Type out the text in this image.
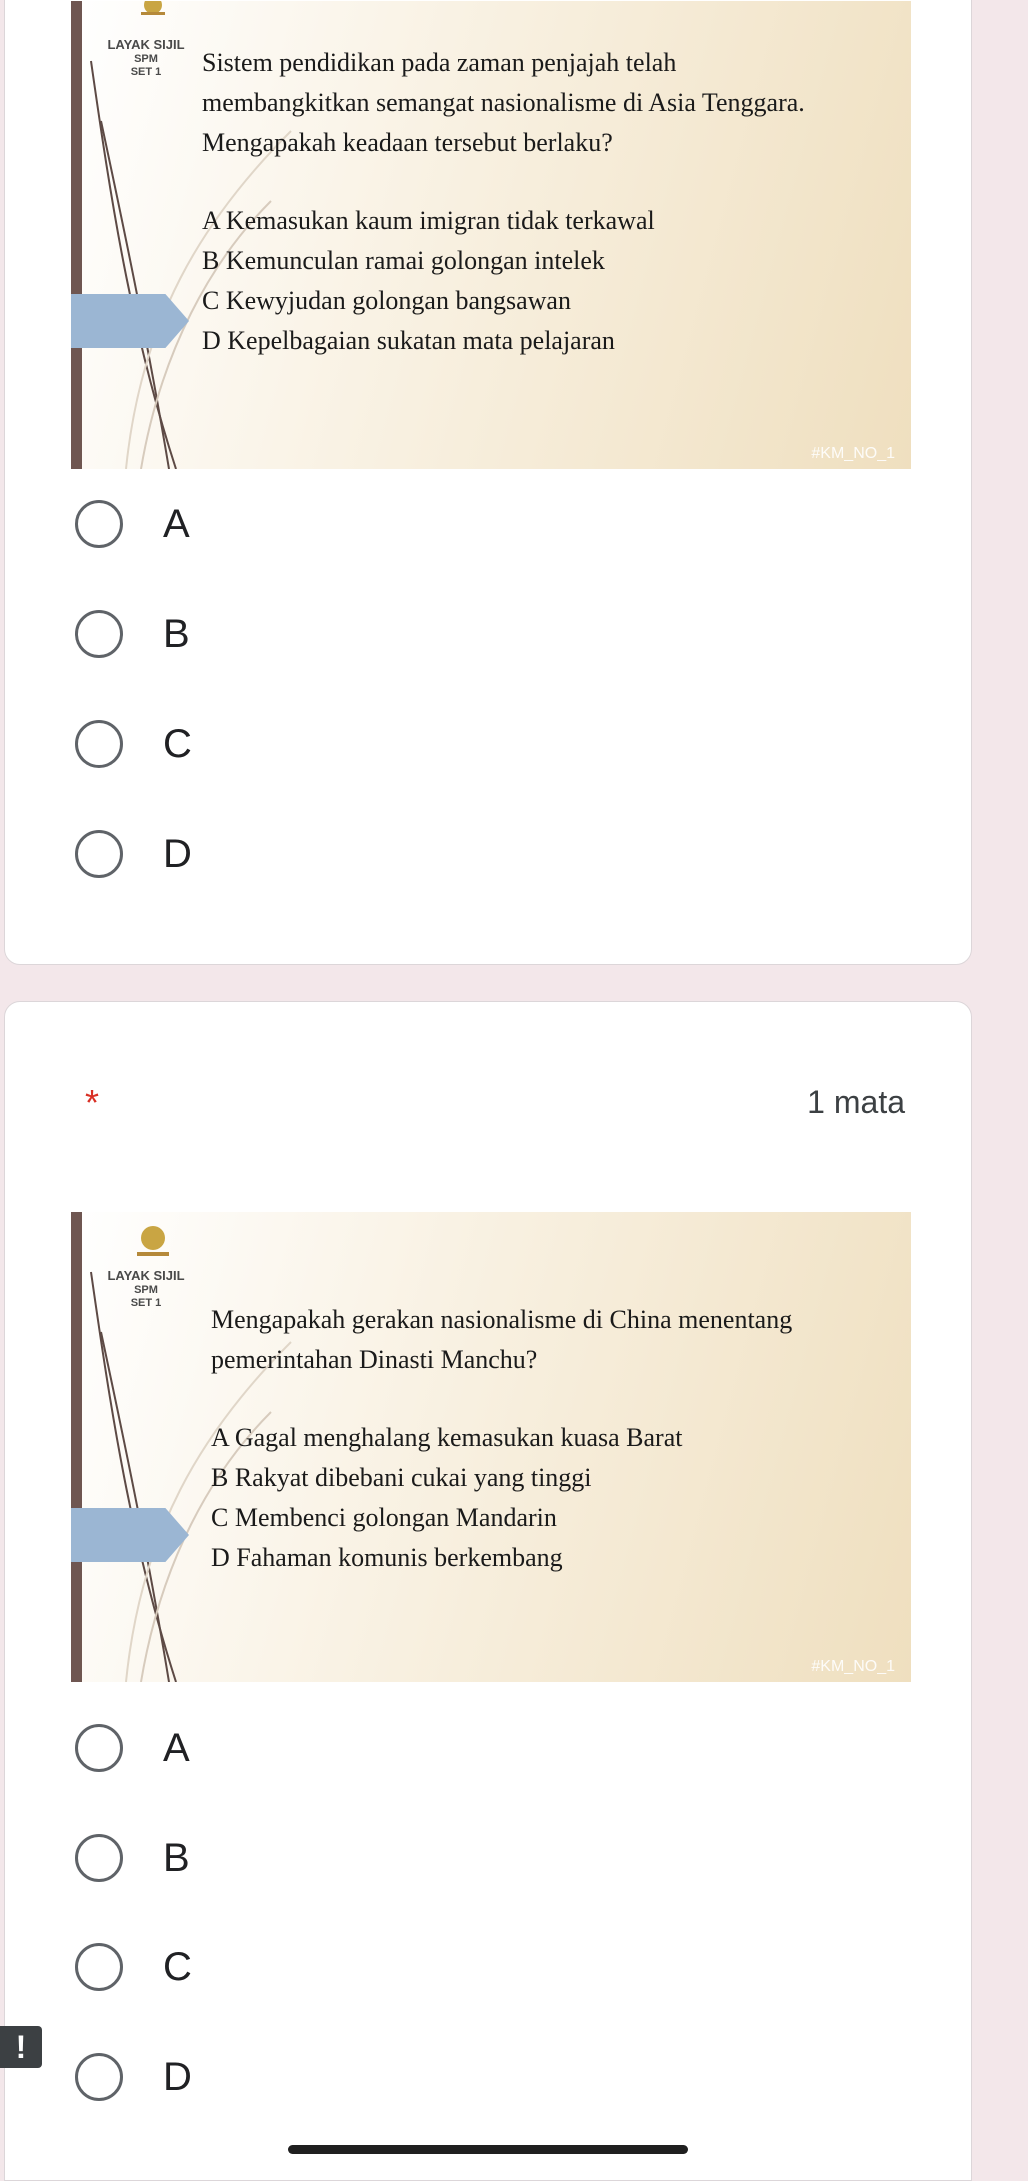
LAYAK SIJIL
SPM
SET 1	Sistem pendidikan pada zaman penjajah telah
membangkitkan semangat nasionalisme di Asia Tenggara.
Mengapakah keadaan tersebut berlaku?
A Kemasukan kaum imigran tidak terkawal
B Kemunculan ramai golongan intelek
C Kewyjudan golongan bangsawan
D Kepelbagaian sukatan mata pelajaran
#KM_NO_1
A
B
C
D
*	1 mata
LAYAK SIJIL
SPM
SET 1
Mengapakah gerakan nasionalisme di China menentang
pemerintahan Dinasti Manchu?
A Gagal menghalang kemasukan kuasa Barat
B Rakyat dibebani cukai yang tinggi
C Membenci golongan Mandarin
D Fahaman komunis berkembang
#KM_NO_1
A
B
C
D
!
